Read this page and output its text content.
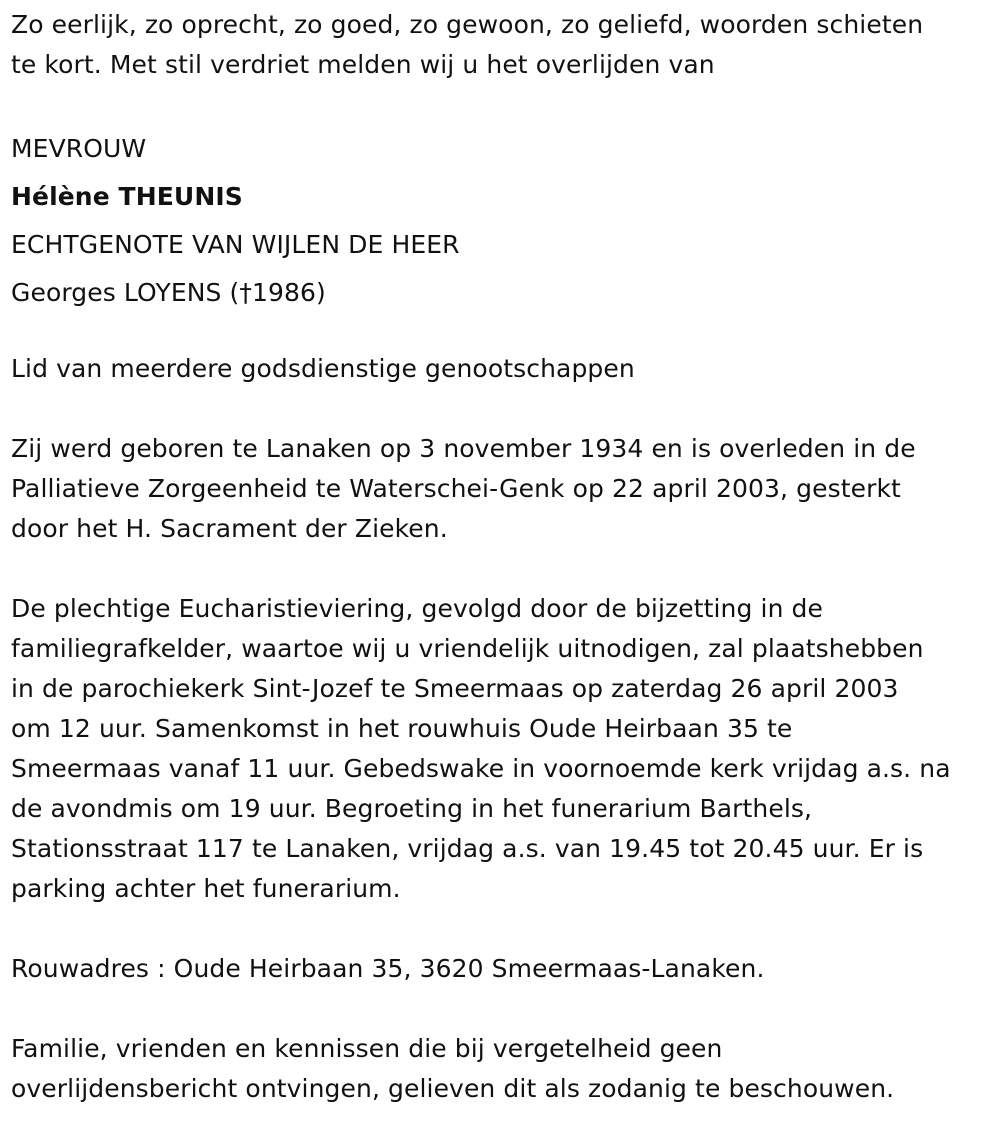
Zo eerlijk, zo oprecht, zo goed, zo gewoon, zo geliefd, woorden schieten

te kort. Met stil verdriet melden wij u het overlijden van

MEVROUW

Hélène THEUNIS

ECHTGENOTE VAN WIJLEN DE HEER

Georges LOYENS (†1986)

Lid van meerdere godsdienstige genootschappen

Zij werd geboren te Lanaken op 3 november 1934 en is overleden in de

Palliatieve Zorgeenheid te Waterschei-Genk op 22 april 2003, gesterkt

door het H. Sacrament der Zieken.

De plechtige Eucharistieviering, gevolgd door de bijzetting in de

familiegrafkelder, waartoe wij u vriendelijk uitnodigen, zal plaatshebben

in de parochiekerk Sint-Jozef te Smeermaas op zaterdag 26 april 2003

om 12 uur. Samenkomst in het rouwhuis Oude Heirbaan 35 te

Smeermaas vanaf 11 uur. Gebedswake in voornoemde kerk vrijdag a.s. na

de avondmis om 19 uur. Begroeting in het funerarium Barthels,

Stationsstraat 117 te Lanaken, vrijdag a.s. van 19.45 tot 20.45 uur. Er is

parking achter het funerarium.

Rouwadres : Oude Heirbaan 35, 3620 Smeermaas-Lanaken.

Familie, vrienden en kennissen die bij vergetelheid geen

overlijdensbericht ontvingen, gelieven dit als zodanig te beschouwen.
